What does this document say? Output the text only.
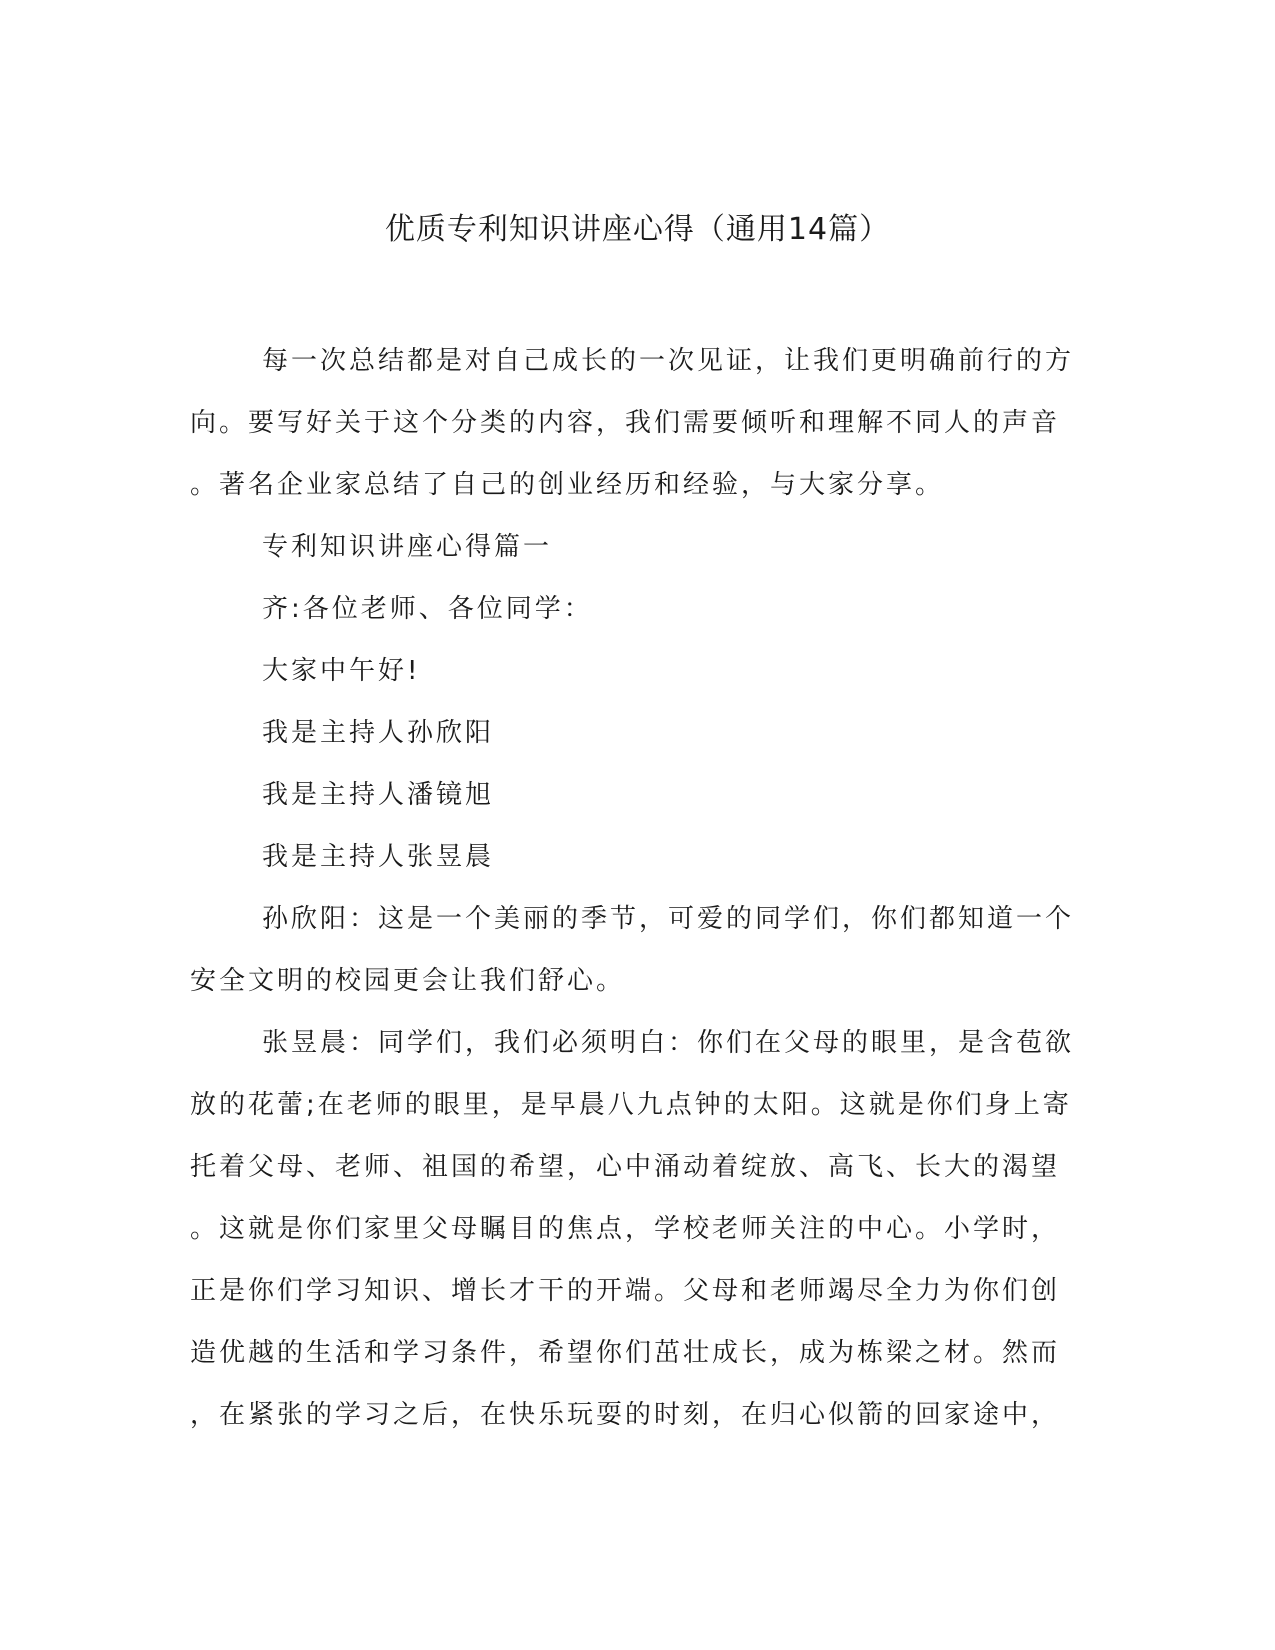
优质专利知识讲座心得（通用14篇）

每一次总结都是对自己成长的一次见证，让我们更明确前行的方
向。要写好关于这个分类的内容，我们需要倾听和理解不同人的声音
。著名企业家总结了自己的创业经历和经验，与大家分享。

专利知识讲座心得篇一

齐:各位老师、各位同学：

大家中午好!

我是主持人孙欣阳

我是主持人潘镜旭

我是主持人张昱晨

孙欣阳：这是一个美丽的季节，可爱的同学们，你们都知道一个
安全文明的校园更会让我们舒心。

张昱晨：同学们，我们必须明白：你们在父母的眼里，是含苞欲
放的花蕾;在老师的眼里，是早晨八九点钟的太阳。这就是你们身上寄
托着父母、老师、祖国的希望，心中涌动着绽放、高飞、长大的渴望
。这就是你们家里父母瞩目的焦点，学校老师关注的中心。小学时，
正是你们学习知识、增长才干的开端。父母和老师竭尽全力为你们创
造优越的生活和学习条件，希望你们茁壮成长，成为栋梁之材。然而
，在紧张的学习之后，在快乐玩耍的时刻，在归心似箭的回家途中，
